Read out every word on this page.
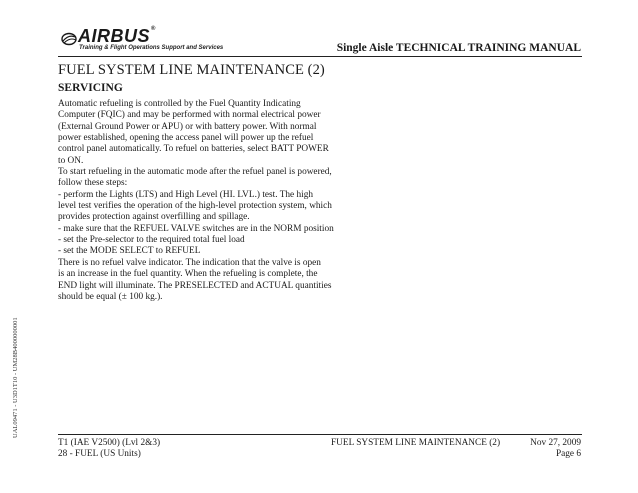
AIRBUS®
Training & Flight Operations Support and Services	Single Aisle TECHNICAL TRAINING MANUAL
FUEL SYSTEM LINE MAINTENANCE (2)
SERVICING
Automatic refueling is controlled by the Fuel Quantity Indicating
Computer (FQIC) and may be performed with normal electrical power
(External Ground Power or APU) or with battery power. With normal
power established, opening the access panel will power up the refuel
control panel automatically. To refuel on batteries, select BATT POWER
to ON.
To start refueling in the automatic mode after the refuel panel is powered,
follow these steps:
- perform the Lights (LTS) and High Level (HI. LVL.) test. The high
level test verifies the operation of the high-level protection system, which
provides protection against overfilling and spillage.
- make sure that the REFUEL VALVE switches are in the NORM position
- set the Pre-selector to the required total fuel load
- set the MODE SELECT to REFUEL
There is no refuel valve indicator. The indication that the valve is open
is an increase in the fuel quantity. When the refueling is complete, the
END light will illuminate. The PRESELECTED and ACTUAL quantities
should be equal (± 100 kg.).
UAL09471 - U3D1T10 - UM28B4000000001
T1 (IAE V2500) (Lvl 2&3)
28 - FUEL (US Units)
FUEL SYSTEM LINE MAINTENANCE (2)	Nov 27, 2009
Page 6
